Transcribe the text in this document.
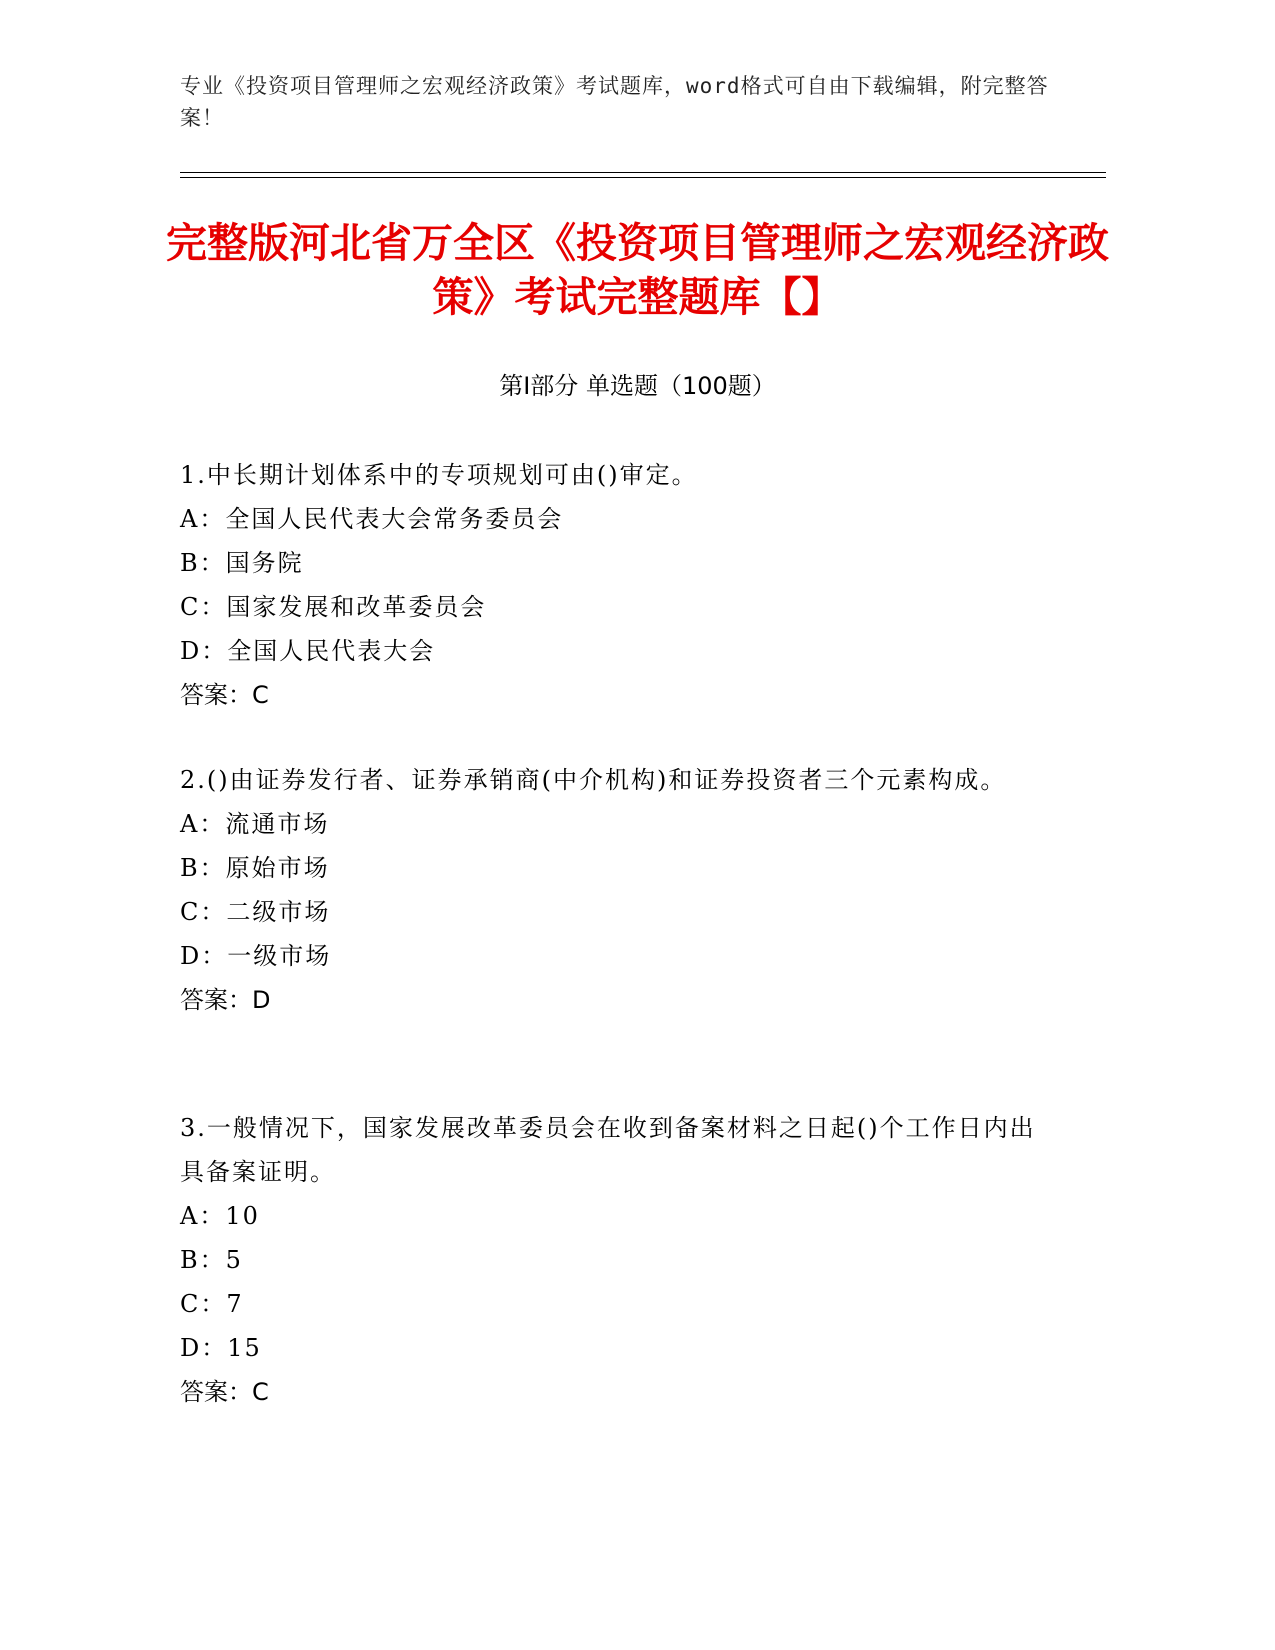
专业《投资项目管理师之宏观经济政策》考试题库，word格式可自由下载编辑，附完整答案！
完整版河北省万全区《投资项目管理师之宏观经济政策》考试完整题库【】
第I部分 单选题（100题）

1.中长期计划体系中的专项规划可由()审定。

A：全国人民代表大会常务委员会

B：国务院

C：国家发展和改革委员会

D：全国人民代表大会

答案：C

2.()由证券发行者、证券承销商(中介机构)和证券投资者三个元素构成。

A：流通市场

B：原始市场

C：二级市场

D：一级市场

答案：D

3.一般情况下，国家发展改革委员会在收到备案材料之日起()个工作日内出具备案证明。

A：10

B：5

C：7

D：15

答案：C
